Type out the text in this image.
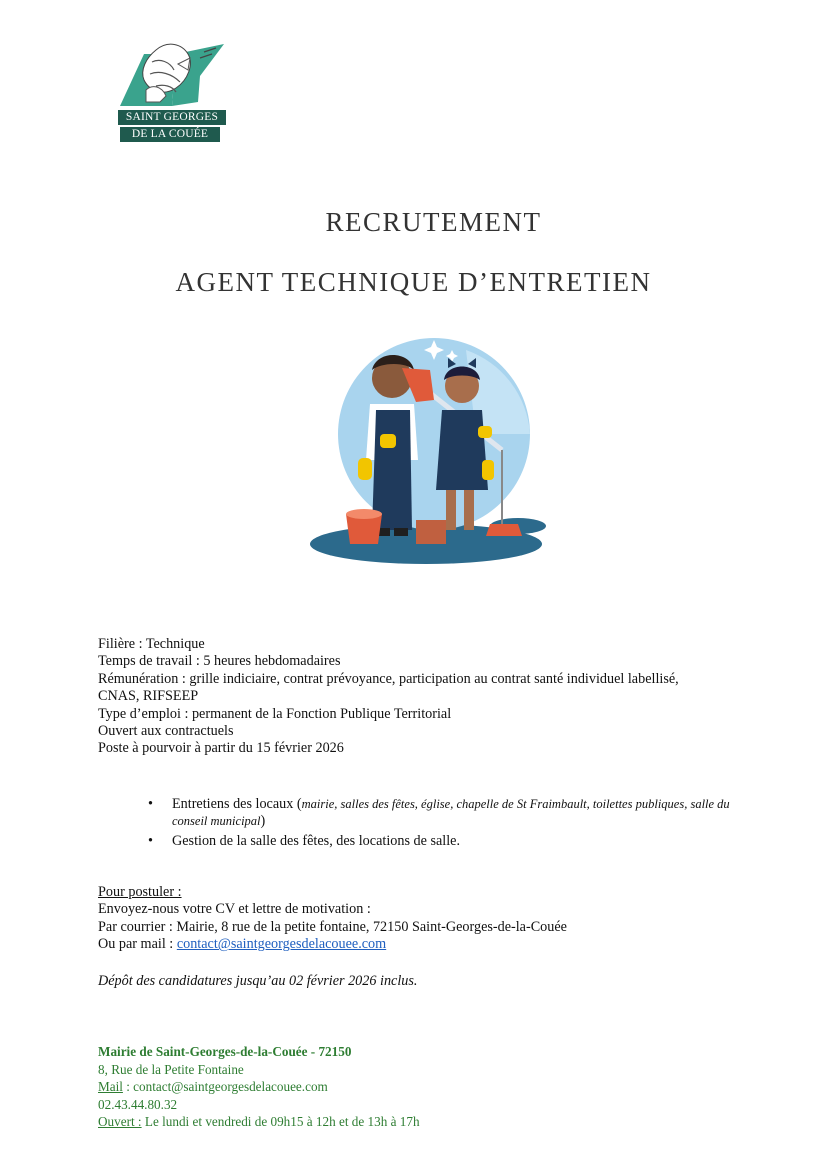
SAINT GEORGES
DE LA COUÉE
RECRUTEMENT
AGENT TECHNIQUE D’ENTRETIEN
Filière : Technique
Temps de travail : 5 heures hebdomadaires
Rémunération : grille indiciaire, contrat prévoyance, participation au contrat santé individuel labellisé,
CNAS, RIFSEEP
Type d’emploi : permanent de la Fonction Publique Territorial
Ouvert aux contractuels
Poste à pourvoir à partir du 15 février 2026
• Entretiens des locaux (mairie, salles des fêtes, église, chapelle de St Fraimbault, toilettes publiques, salle du conseil municipal)
• Gestion de la salle des fêtes, des locations de salle.
Pour postuler :
Envoyez-nous votre CV et lettre de motivation :
Par courrier : Mairie, 8 rue de la petite fontaine, 72150 Saint-Georges-de-la-Couée
Ou par mail : contact@saintgeorgesdelacouee.com
Dépôt des candidatures jusqu’au 02 février 2026 inclus.
Mairie de Saint-Georges-de-la-Couée - 72150
8, Rue de la Petite Fontaine
Mail : contact@saintgeorgesdelacouee.com
02.43.44.80.32
Ouvert : Le lundi et vendredi de 09h15 à 12h et de 13h à 17h
